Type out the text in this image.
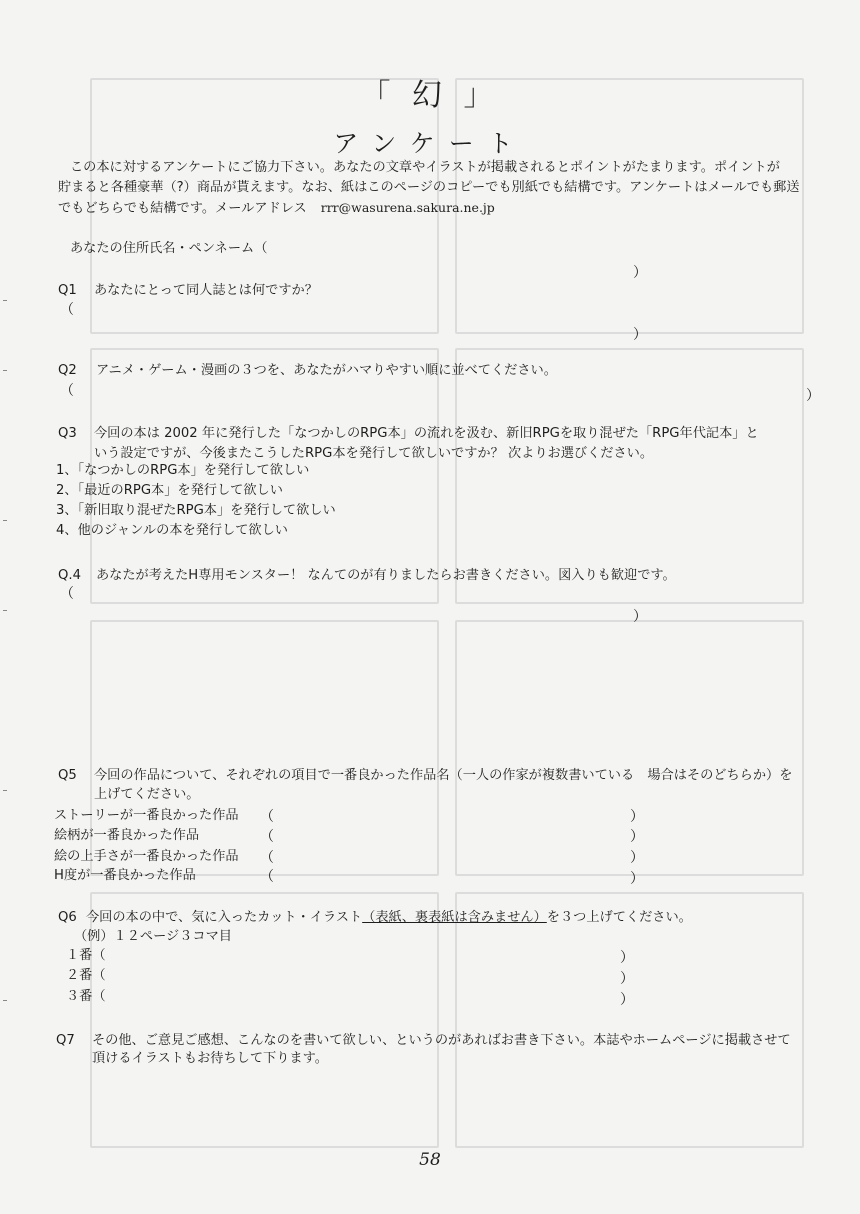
「 幻 」
アンケート

この本に対するアンケートにご協力下さい。あなたの文章やイラストが掲載されるとポイントがたまります。ポイントが

貯まると各種豪華（?）商品が貰えます。なお、紙はこのページのコピーでも別紙でも結構です。アンケートはメールでも郵送

でもどちらでも結構です。メールアドレス rrr@wasurena.sakura.ne.jp

あなたの住所氏名・ペンネーム（
）
Q1 あなたにとって同人誌とは何ですか？
（
）
Q2 アニメ・ゲーム・漫画の３つを、あなたがハマりやすい順に並べてください。
（	）
Q3 今回の本は 2002 年に発行した「なつかしのRPG本」の流れを汲む、新旧RPGを取り混ぜた「RPG年代記本」と
いう設定ですが、今後またこうしたRPG本を発行して欲しいですか？ 次よりお選びください。
1、「なつかしのRPG本」を発行して欲しい
2、「最近のRPG本」を発行して欲しい
3、「新旧取り混ぜたRPG本」を発行して欲しい
4、他のジャンルの本を発行して欲しい
Q.4 あなたが考えたH専用モンスター！ なんてのが有りましたらお書きください。図入りも歓迎です。
（
）
Q5 今回の作品について、それぞれの項目で一番良かった作品名（一人の作家が複数書いている　場合はそのどちらか）を
上げてください。
ストーリーが一番良かった作品 （	）
絵柄が一番良かった作品	（	）
絵の上手さが一番良かった作品 （	）
H度が一番良かった作品	（	）
Q6 今回の本の中で、気に入ったカット・イラスト（表紙、裏表紙は含みません）を３つ上げてください。
（例）１２ページ３コマ目
１番（	）
２番（	）
３番（	）
Q7 その他、ご意見ご感想、こんなのを書いて欲しい、というのがあればお書き下さい。本誌やホームページに掲載させて
頂けるイラストもお待ちして下ります。
58
